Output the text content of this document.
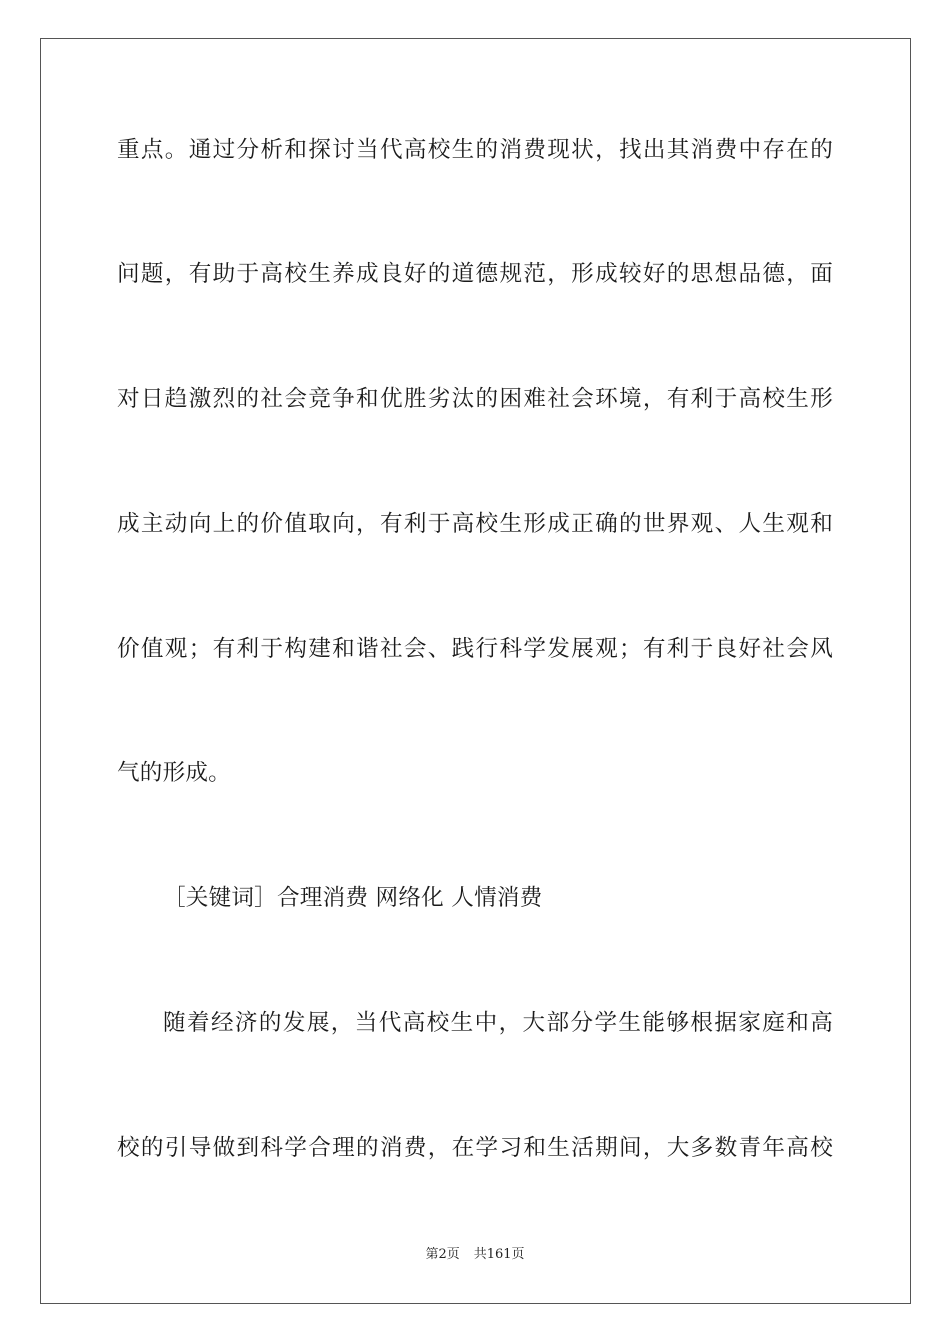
重点。通过分析和探讨当代高校生的消费现状，找出其消费中存在的
问题，有助于高校生养成良好的道德规范，形成较好的思想品德，面
对日趋激烈的社会竞争和优胜劣汰的困难社会环境，有利于高校生形
成主动向上的价值取向，有利于高校生形成正确的世界观、人生观和
价值观；有利于构建和谐社会、践行科学发展观；有利于良好社会风
气的形成。
［关键词］合理消费 网络化 人情消费
随着经济的发展，当代高校生中，大部分学生能够根据家庭和高
校的引导做到科学合理的消费，在学习和生活期间，大多数青年高校
第2页 共161页
